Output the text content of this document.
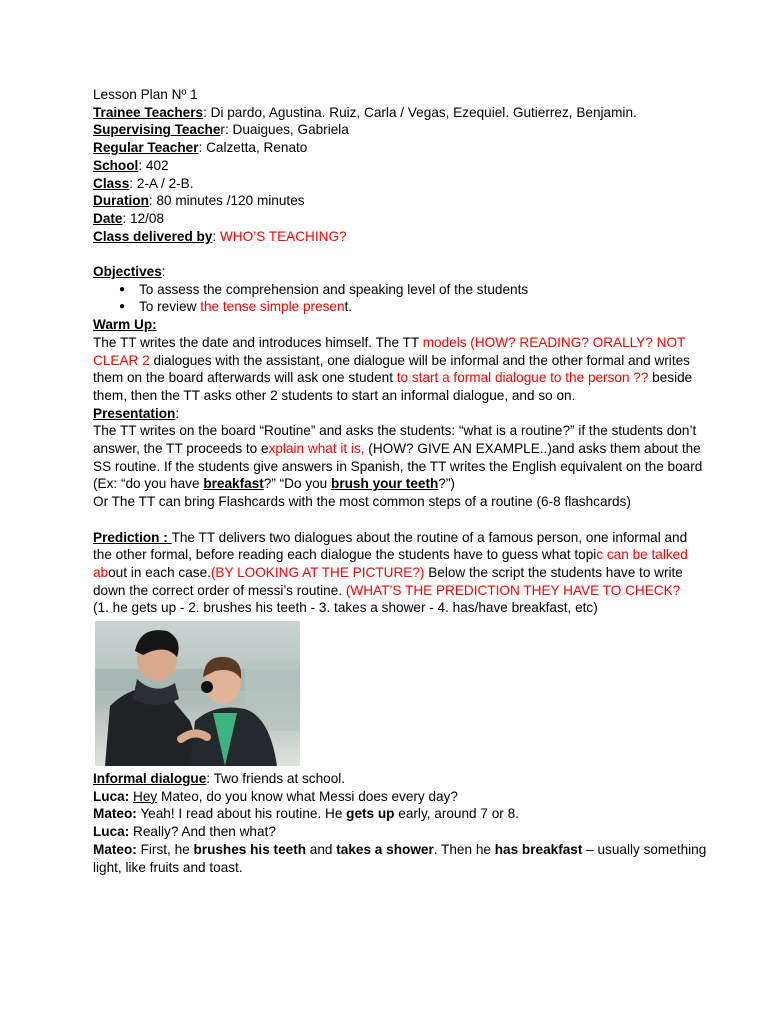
Lesson Plan Nº 1
Trainee Teachers: Di pardo, Agustina. Ruiz, Carla / Vegas, Ezequiel. Gutierrez, Benjamin.
Supervising Teacher: Duaigues, Gabriela
Regular Teacher: Calzetta, Renato
School: 402
Class: 2-A / 2-B.
Duration: 80 minutes /120 minutes
Date: 12/08
Class delivered by: WHO’S TEACHING?
Objectives:
● To assess the comprehension and speaking level of the students
● To review the tense simple present.
Warm Up:
The TT writes the date and introduces himself. The TT models (HOW? READING? ORALLY? NOT CLEAR 2 dialogues with the assistant, one dialogue will be informal and the other formal and writes them on the board afterwards will ask one student to start a formal dialogue to the person ?? beside them, then the TT asks other 2 students to start an informal dialogue, and so on.
Presentation:
The TT writes on the board “Routine” and asks the students: “what is a routine?” if the students don’t answer, the TT proceeds to explain what it is, (HOW? GIVE AN EXAMPLE..)and asks them about the SS routine. If the students give answers in Spanish, the TT writes the English equivalent on the board (Ex: “do you have breakfast?” “Do you brush your teeth?”)
Or The TT can bring Flashcards with the most common steps of a routine (6-8 flashcards)
Prediction : The TT delivers two dialogues about the routine of a famous person, one informal and the other formal, before reading each dialogue the students have to guess what topic can be talked about in each case.(BY LOOKING AT THE PICTURE?) Below the script the students have to write down the correct order of messi’s routine. (WHAT’S THE PREDICTION THEY HAVE TO CHECK?
(1. he gets up - 2. brushes his teeth - 3. takes a shower - 4. has/have breakfast, etc)
Informal dialogue: Two friends at school.
Luca: Hey Mateo, do you know what Messi does every day?
Mateo: Yeah! I read about his routine. He gets up early, around 7 or 8.
Luca: Really? And then what?
Mateo: First, he brushes his teeth and takes a shower. Then he has breakfast – usually something light, like fruits and toast.
